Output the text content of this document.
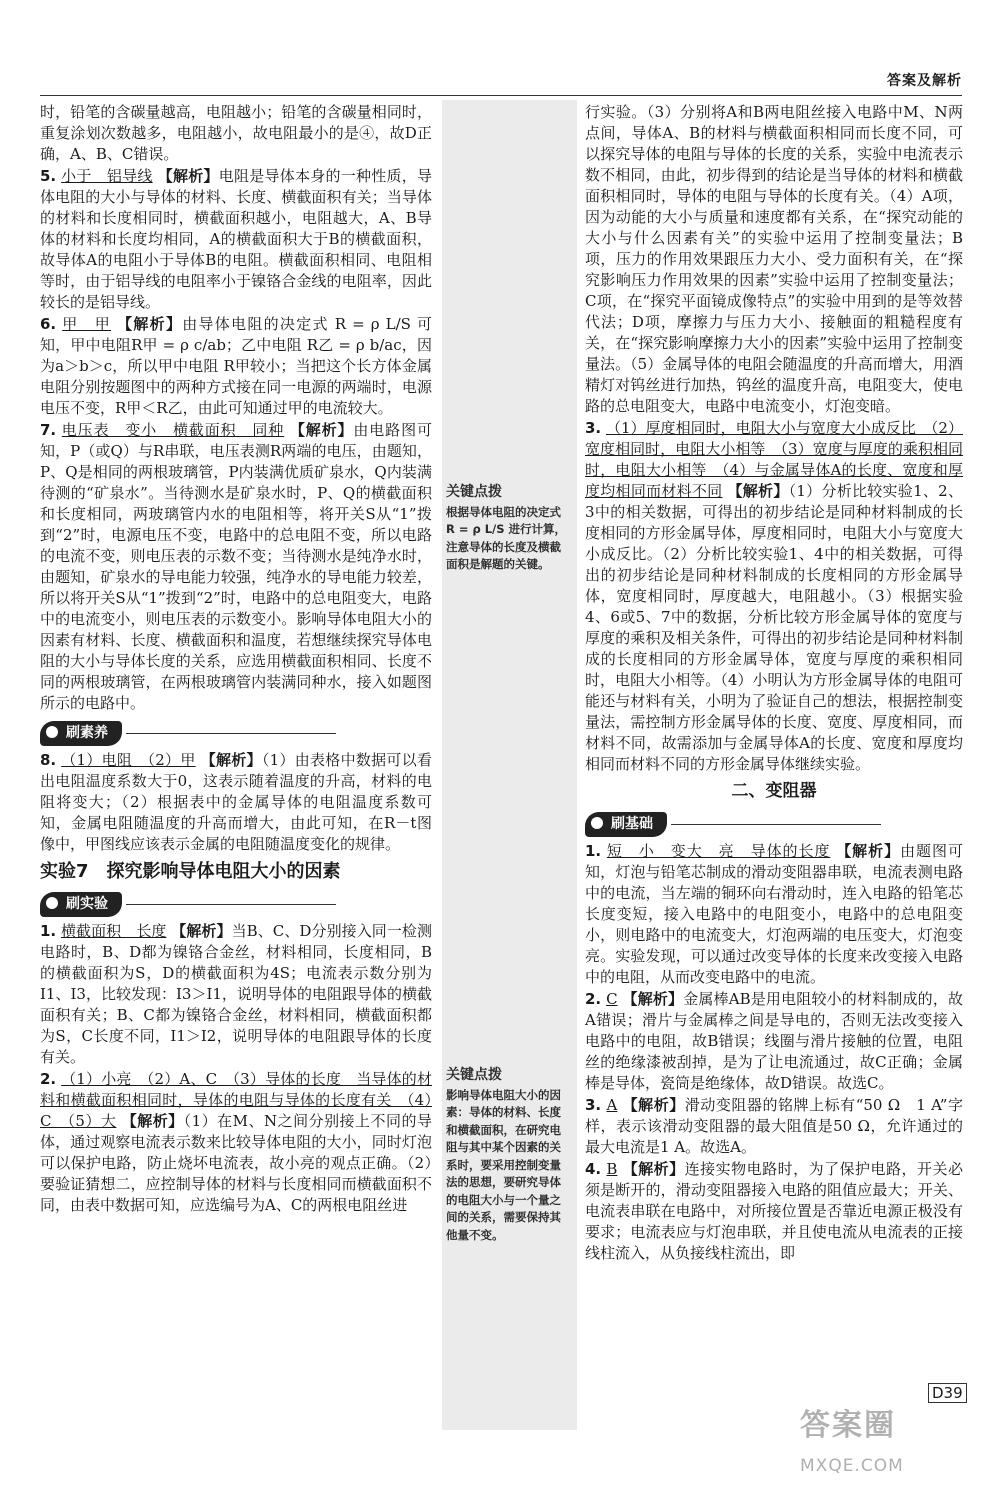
答案及解析
关键点拨
根据导体电阻的决定式 R = ρ L/S 进行计算，注意导体的长度及横截面积是解题的关键。
关键点拨
影响导体电阻大小的因素：导体的材料、长度和横截面积，在研究电阻与其中某个因素的关系时，要采用控制变量法的思想，要研究导体的电阻大小与一个量之间的关系，需要保持其他量不变。

时，铅笔的含碳量越高，电阻越小；铅笔的含碳量相同时，重复涂划次数越多，电阻越小，故电阻最小的是④，故D正确，A、B、C错误。

5. 小于　铝导线 【解析】电阻是导体本身的一种性质，导体电阻的大小与导体的材料、长度、横截面积有关；当导体的材料和长度相同时，横截面积越小，电阻越大，A、B导体的材料和长度均相同，A的横截面积大于B的横截面积，故导体A的电阻小于导体B的电阻。横截面积相同、电阻相等时，由于铝导线的电阻率小于镍铬合金线的电阻率，因此较长的是铝导线。

6. 甲　甲 【解析】由导体电阻的决定式 R = ρ L/S 可知，甲中电阻R甲 = ρ c/ab；乙中电阻 R乙 = ρ b/ac，因为a＞b＞c，所以甲中电阻 R甲较小；当把这个长方体金属电阻分别按题图中的两种方式接在同一电源的两端时，电源电压不变，R甲＜R乙，由此可知通过甲的电流较大。

7. 电压表　变小　横截面积　同种 【解析】由电路图可知，P（或Q）与R串联，电压表测R两端的电压，由题知，P、Q是相同的两根玻璃管，P内装满优质矿泉水，Q内装满待测的“矿泉水”。当待测水是矿泉水时，P、Q的横截面积和长度相同，两玻璃管内水的电阻相等，将开关S从“1”拨到“2”时，电源电压不变，电路中的总电阻不变，所以电路的电流不变，则电压表的示数不变；当待测水是纯净水时，由题知，矿泉水的导电能力较强，纯净水的导电能力较差，所以将开关S从“1”拨到“2”时，电路中的总电阻变大，电路中的电流变小，则电压表的示数变小。影响导体电阻大小的因素有材料、长度、横截面积和温度，若想继续探究导体电阻的大小与导体长度的关系，应选用横截面积相同、长度不同的两根玻璃管，在两根玻璃管内装满同种水，接入如题图所示的电路中。

刷素养

8. （1）电阻　（2）甲 【解析】（1）由表格中数据可以看出电阻温度系数大于0，这表示随着温度的升高，材料的电阻将变大；（2）根据表中的金属导体的电阻温度系数可知，金属电阻随温度的升高而增大，由此可知，在R－t图像中，甲图线应该表示金属的电阻随温度变化的规律。

实验7　探究影响导体电阻大小的因素
刷实验

1. 横截面积　长度 【解析】当B、C、D分别接入同一检测电路时，B、D都为镍铬合金丝，材料相同，长度相同，B的横截面积为S，D的横截面积为4S；电流表示数分别为I1、I3，比较发现：I3＞I1，说明导体的电阻跟导体的横截面积有关；B、C都为镍铬合金丝，材料相同，横截面积都为S，C长度不同，I1＞I2，说明导体的电阻跟导体的长度有关。

2. （1）小亮　（2）A、C　（3）导体的长度　当导体的材料和横截面积相同时，导体的电阻与导体的长度有关　（4）C　（5）大 【解析】（1）在M、N之间分别接上不同的导体，通过观察电流表示数来比较导体电阻的大小，同时灯泡可以保护电路，防止烧坏电流表，故小亮的观点正确。（2）要验证猜想二，应控制导体的材料与长度相同而横截面积不同，由表中数据可知，应选编号为A、C的两根电阻丝进

行实验。（3）分别将A和B两电阻丝接入电路中M、N两点间，导体A、B的材料与横截面积相同而长度不同，可以探究导体的电阻与导体的长度的关系，实验中电流表示数不相同，由此，初步得到的结论是当导体的材料和横截面积相同时，导体的电阻与导体的长度有关。（4）A项，因为动能的大小与质量和速度都有关系，在“探究动能的大小与什么因素有关”的实验中运用了控制变量法；B项，压力的作用效果跟压力大小、受力面积有关，在“探究影响压力作用效果的因素”实验中运用了控制变量法；C项，在“探究平面镜成像特点”的实验中用到的是等效替代法；D项，摩擦力与压力大小、接触面的粗糙程度有关，在“探究影响摩擦力大小的因素”实验中运用了控制变量法。（5）金属导体的电阻会随温度的升高而增大，用酒精灯对钨丝进行加热，钨丝的温度升高，电阻变大，使电路的总电阻变大，电路中电流变小，灯泡变暗。

3. （1）厚度相同时，电阻大小与宽度大小成反比　（2）宽度相同时，电阻大小相等　（3）宽度与厚度的乘积相同时，电阻大小相等　（4）与金属导体A的长度、宽度和厚度均相同而材料不同 【解析】（1）分析比较实验1、2、3中的相关数据，可得出的初步结论是同种材料制成的长度相同的方形金属导体，厚度相同时，电阻大小与宽度大小成反比。（2）分析比较实验1、4中的相关数据，可得出的初步结论是同种材料制成的长度相同的方形金属导体，宽度相同时，厚度越大，电阻越小。（3）根据实验4、6或5、7中的数据，分析比较方形金属导体的宽度与厚度的乘积及相关条件，可得出的初步结论是同种材料制成的长度相同的方形金属导体，宽度与厚度的乘积相同时，电阻大小相等。（4）小明认为方形金属导体的电阻可能还与材料有关，小明为了验证自己的想法，根据控制变量法，需控制方形金属导体的长度、宽度、厚度相同，而材料不同，故需添加与金属导体A的长度、宽度和厚度均相同而材料不同的方形金属导体继续实验。

二、变阻器
刷基础

1. 短　小　变大　亮　导体的长度 【解析】由题图可知，灯泡与铅笔芯制成的滑动变阻器串联，电流表测电路中的电流，当左端的铜环向右滑动时，连入电路的铅笔芯长度变短，接入电路中的电阻变小，电路中的总电阻变小，则电路中的电流变大，灯泡两端的电压变大，灯泡变亮。实验发现，可以通过改变导体的长度来改变接入电路中的电阻，从而改变电路中的电流。

2. C 【解析】金属棒AB是用电阻较小的材料制成的，故A错误；滑片与金属棒之间是导电的，否则无法改变接入电路中的电阻，故B错误；线圈与滑片接触的位置，电阻丝的绝缘漆被刮掉，是为了让电流通过，故C正确；金属棒是导体，瓷筒是绝缘体，故D错误。故选C。

3. A 【解析】滑动变阻器的铭牌上标有“50 Ω　1 A”字样，表示该滑动变阻器的最大阻值是50 Ω，允许通过的最大电流是1 A。故选A。

4. B 【解析】连接实物电路时，为了保护电路，开关必须是断开的，滑动变阻器接入电路的阻值应最大；开关、电流表串联在电路中，对所接位置是否靠近电源正极没有要求；电流表应与灯泡串联，并且使电流从电流表的正接线柱流入，从负接线柱流出，即

D39
答案圈
MXQE.COM
